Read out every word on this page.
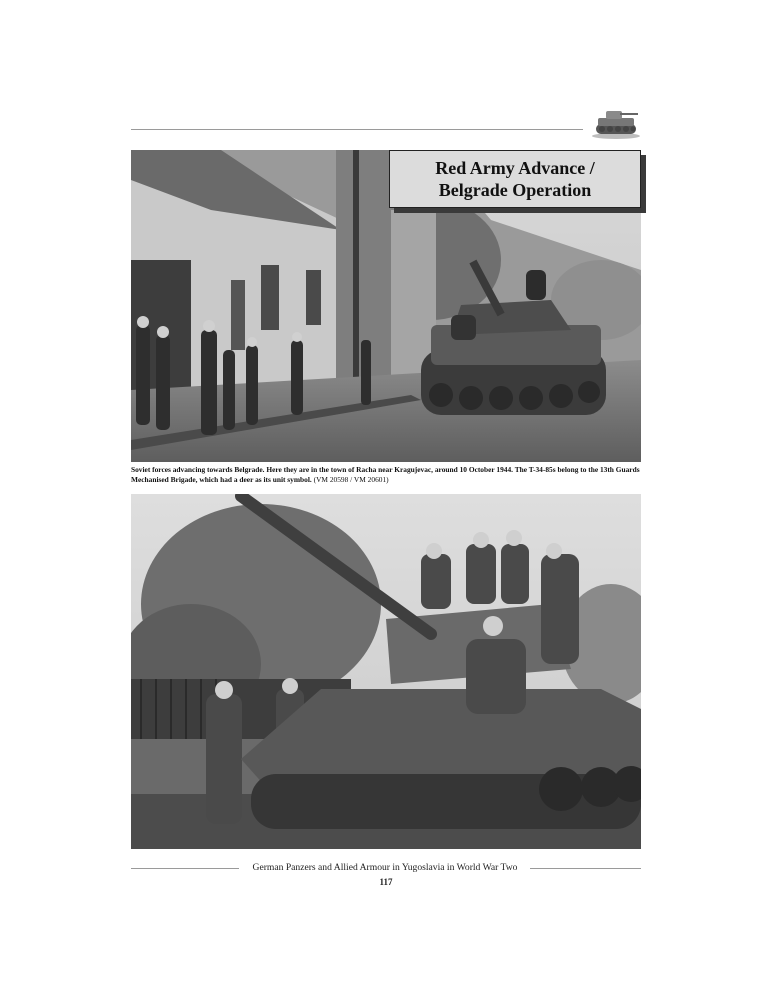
Red Army Advance /
Belgrade Operation
Soviet forces advancing towards Belgrade. Here they are in the town of Racha near Kragujevac, around 10 October 1944. The T-34-85s belong to the 13th Guards Mechanised Brigade, which had a deer as its unit symbol. (VM 20598 / VM 20601)
German Panzers and Allied Armour in Yugoslavia in World War Two
117
